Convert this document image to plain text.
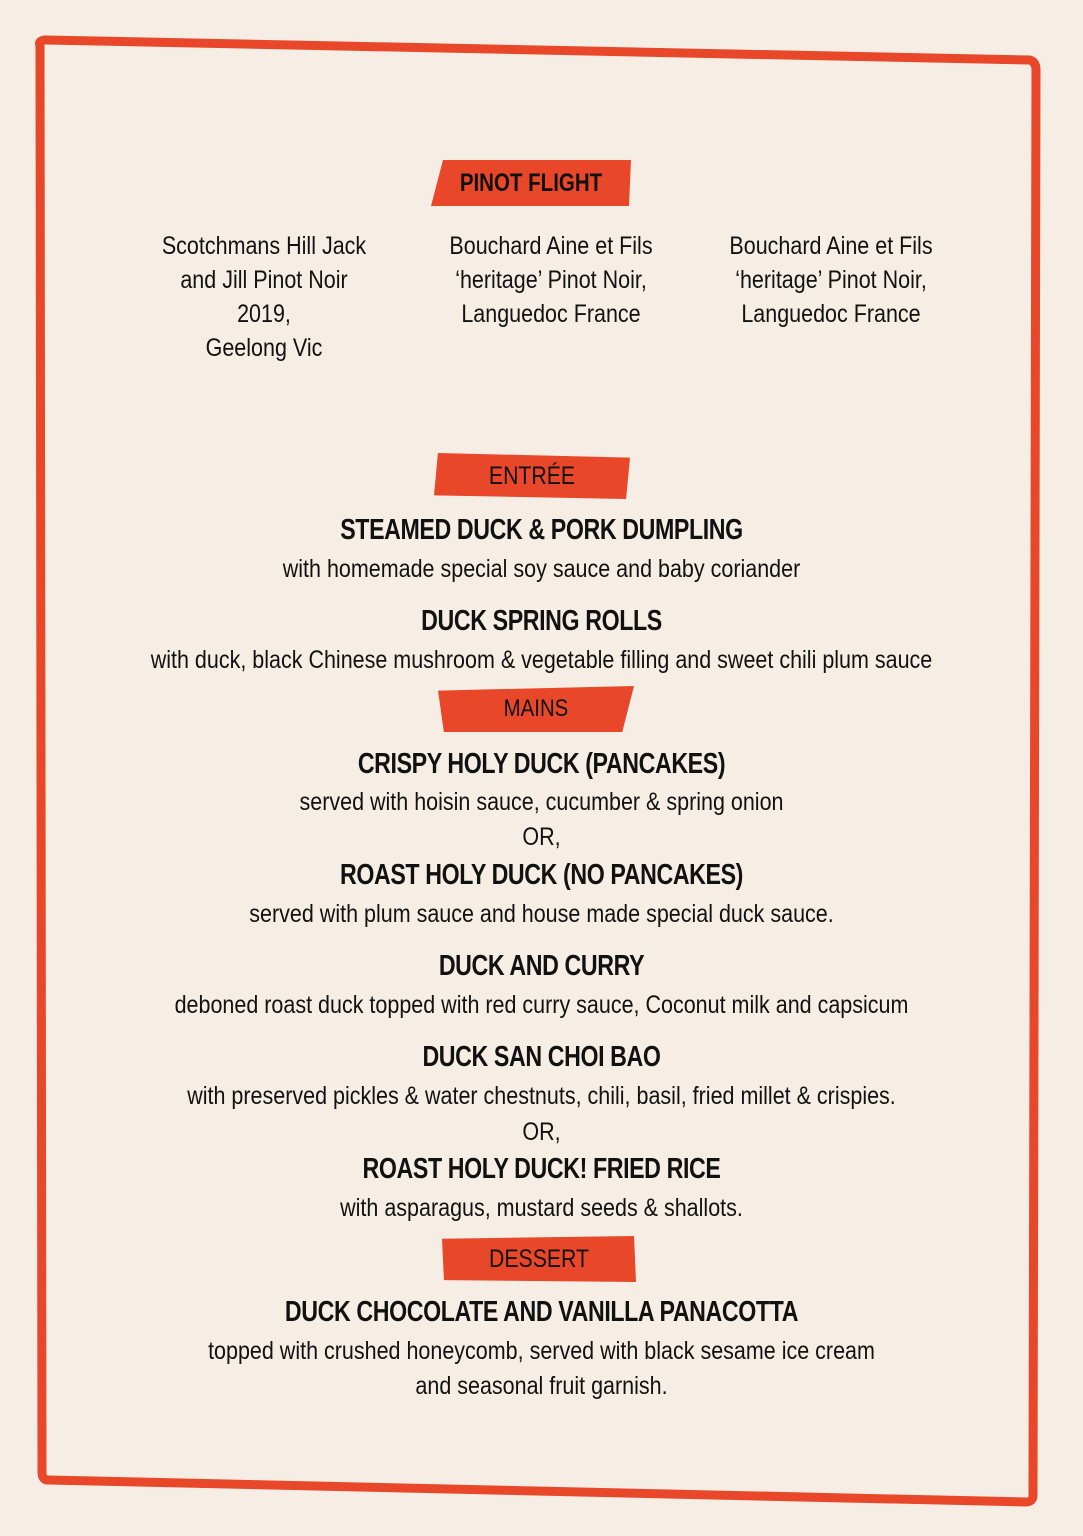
PINOT FLIGHT
Scotchmans Hill Jack
and Jill Pinot Noir 2019,
Geelong Vic
Bouchard Aine et Fils
‘heritage’ Pinot Noir,
Languedoc France
Bouchard Aine et Fils
‘heritage’ Pinot Noir,
Languedoc France
ENTRÉE
STEAMED DUCK & PORK DUMPLING
with homemade special soy sauce and baby coriander
DUCK SPRING ROLLS
with duck, black Chinese mushroom & vegetable filling and sweet chili plum sauce
MAINS
CRISPY HOLY DUCK (PANCAKES)
served with hoisin sauce, cucumber & spring onion
OR,
ROAST HOLY DUCK (NO PANCAKES)
served with plum sauce and house made special duck sauce.
DUCK AND CURRY
deboned roast duck topped with red curry sauce, Coconut milk and capsicum
DUCK SAN CHOI BAO
with preserved pickles & water chestnuts, chili, basil, fried millet & crispies.
OR,
ROAST HOLY DUCK! FRIED RICE
with asparagus, mustard seeds & shallots.
DESSERT
DUCK CHOCOLATE AND VANILLA PANACOTTA
topped with crushed honeycomb, served with black sesame ice cream
and seasonal fruit garnish.
